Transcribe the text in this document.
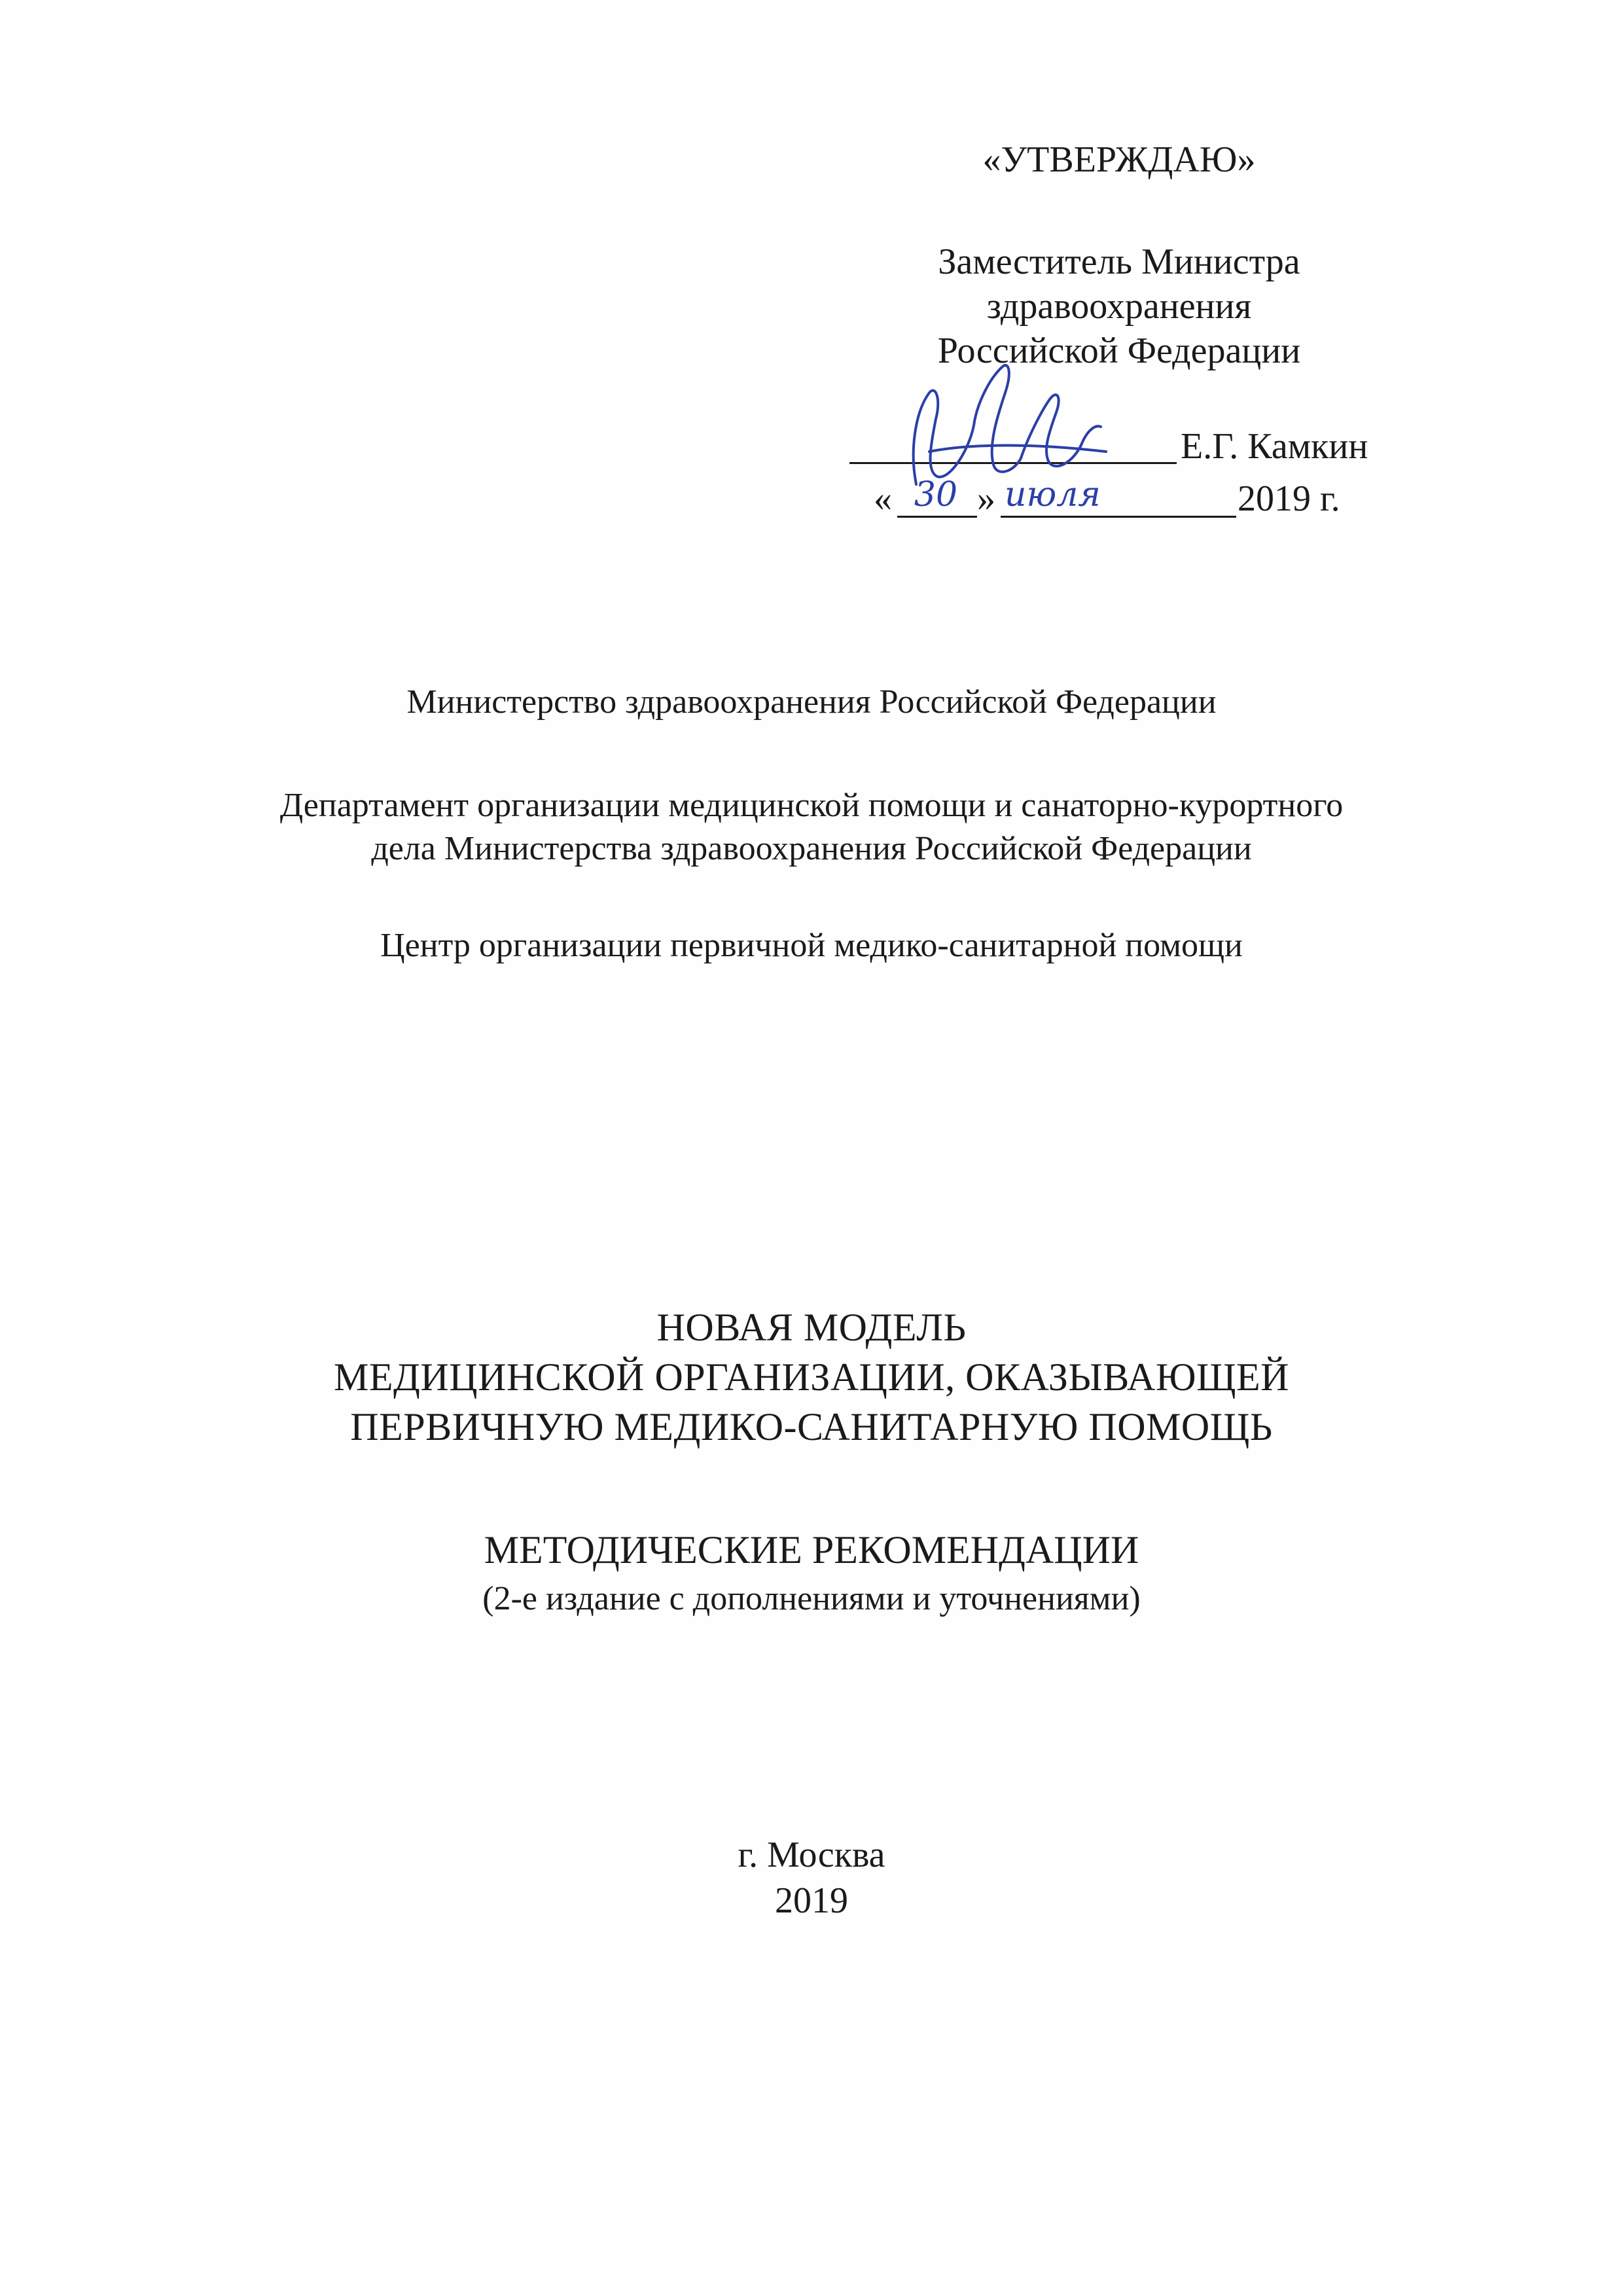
«УТВЕРЖДАЮ»

Заместитель Министра
здравоохранения
Российской Федерации
Е.Г. Камкин
« 30 » июля	2019 г.

Министерство здравоохранения Российской Федерации

Департамент организации медицинской помощи и санаторно-курортного
дела Министерства здравоохранения Российской Федерации

Центр организации первичной медико-санитарной помощи

НОВАЯ МОДЕЛЬ
МЕДИЦИНСКОЙ ОРГАНИЗАЦИИ, ОКАЗЫВАЮЩЕЙ
ПЕРВИЧНУЮ МЕДИКО-САНИТАРНУЮ ПОМОЩЬ

МЕТОДИЧЕСКИЕ РЕКОМЕНДАЦИИ

(2-е издание с дополнениями и уточнениями)

г. Москва

2019
